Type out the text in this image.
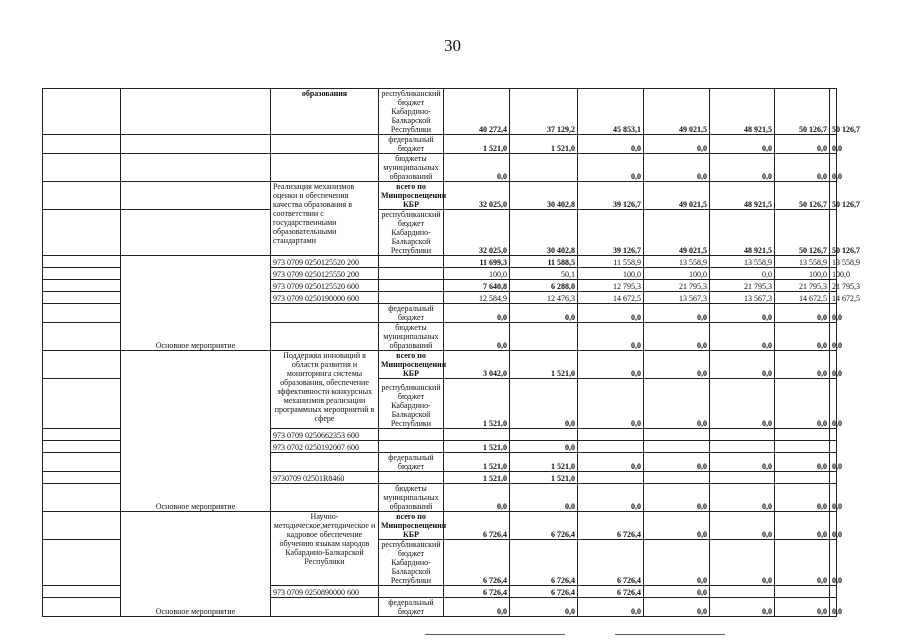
30
		образования	республиканский бюджет Кабардино-Балкарской Республики	40 272,4	37 129,2	45 853,1	49 021,5	48 921,5	50 126,7	50 126,7
			федеральный бюджет	1 521,0	1 521,0	0,0	0,0	0,0	0,0	0,0
			бюджеты муниципальных образований	0,0		0,0	0,0	0,0	0,0	0,0
		Реализация механизмов оценки и обеспечения качества образования в соответствии с государственными образовательными стандартами	всего по Минпросвещения КБР	32 025,0	30 402,8	39 126,7	49 021,5	48 921,5	50 126,7	50 126,7
			республиканский бюджет Кабардино-Балкарской Республики	32 025,0	30 402,8	39 126,7	49 021,5	48 921,5	50 126,7	50 126,7
	Основное мероприятие	973 0709 0250125520 200		11 699,3	11 588,5	11 558,9	13 558,9	13 558,9	13 558,9	13 558,9
		973 0709 0250125550 200		100,0	50,1	100,0	100,0	0,0	100,0	100,0
		973 0709 0250125520 600		7 640,8	6 288,0	12 795,3	21 795,3	21 795,3	21 795,3	21 795,3
		973 0709 0250190000 600		12 584,9	12 476,3	14 672,5	13 567,3	13 567,3	14 672,5	14 672,5
			федеральный бюджет	0,0	0,0	0,0	0,0	0,0	0,0	0,0
			бюджеты муниципальных образований	0,0		0,0	0,0	0,0	0,0	0,0
	Основное мероприятие	Поддержка инноваций в области развития и мониторинга системы образования, обеспечение эффективности конкурсных механизмов реализации программных мероприятий в сфере	всего по Минпросвещения КБР	3 042,0	1 521,0	0,0	0,0	0,0	0,0	0,0
			республиканский бюджет Кабардино-Балкарской Республики	1 521,0	0,0	0,0	0,0	0,0	0,0	0,0
		973 0709 0250662353 600								
		973 0702 0250192007 600		1 521,0	0,0					
			федеральный бюджет	1 521,0	1 521,0	0,0	0,0	0,0	0,0	0,0
		9730709 02501R8460		1 521,0	1 521,0					
			бюджеты муниципальных образований	0,0	0,0	0,0	0,0	0,0	0,0	0,0
	Основное мероприятие	Научно-методическое,методическое и кадровое обеспечение обучению языкам народов Кабардино-Балкарской Республики	всего по Минпросвещения КБР	6 726,4	6 726,4	6 726,4	0,0	0,0	0,0	0,0
			республиканский бюджет Кабардино-Балкарской Республики	6 726,4	6 726,4	6 726,4	0,0	0,0	0,0	0,0
		973 0709 0250890000 600		6 726,4	6 726,4	6 726,4	0,0			
			федеральный бюджет	0,0	0,0	0,0	0,0	0,0	0,0	0,0
